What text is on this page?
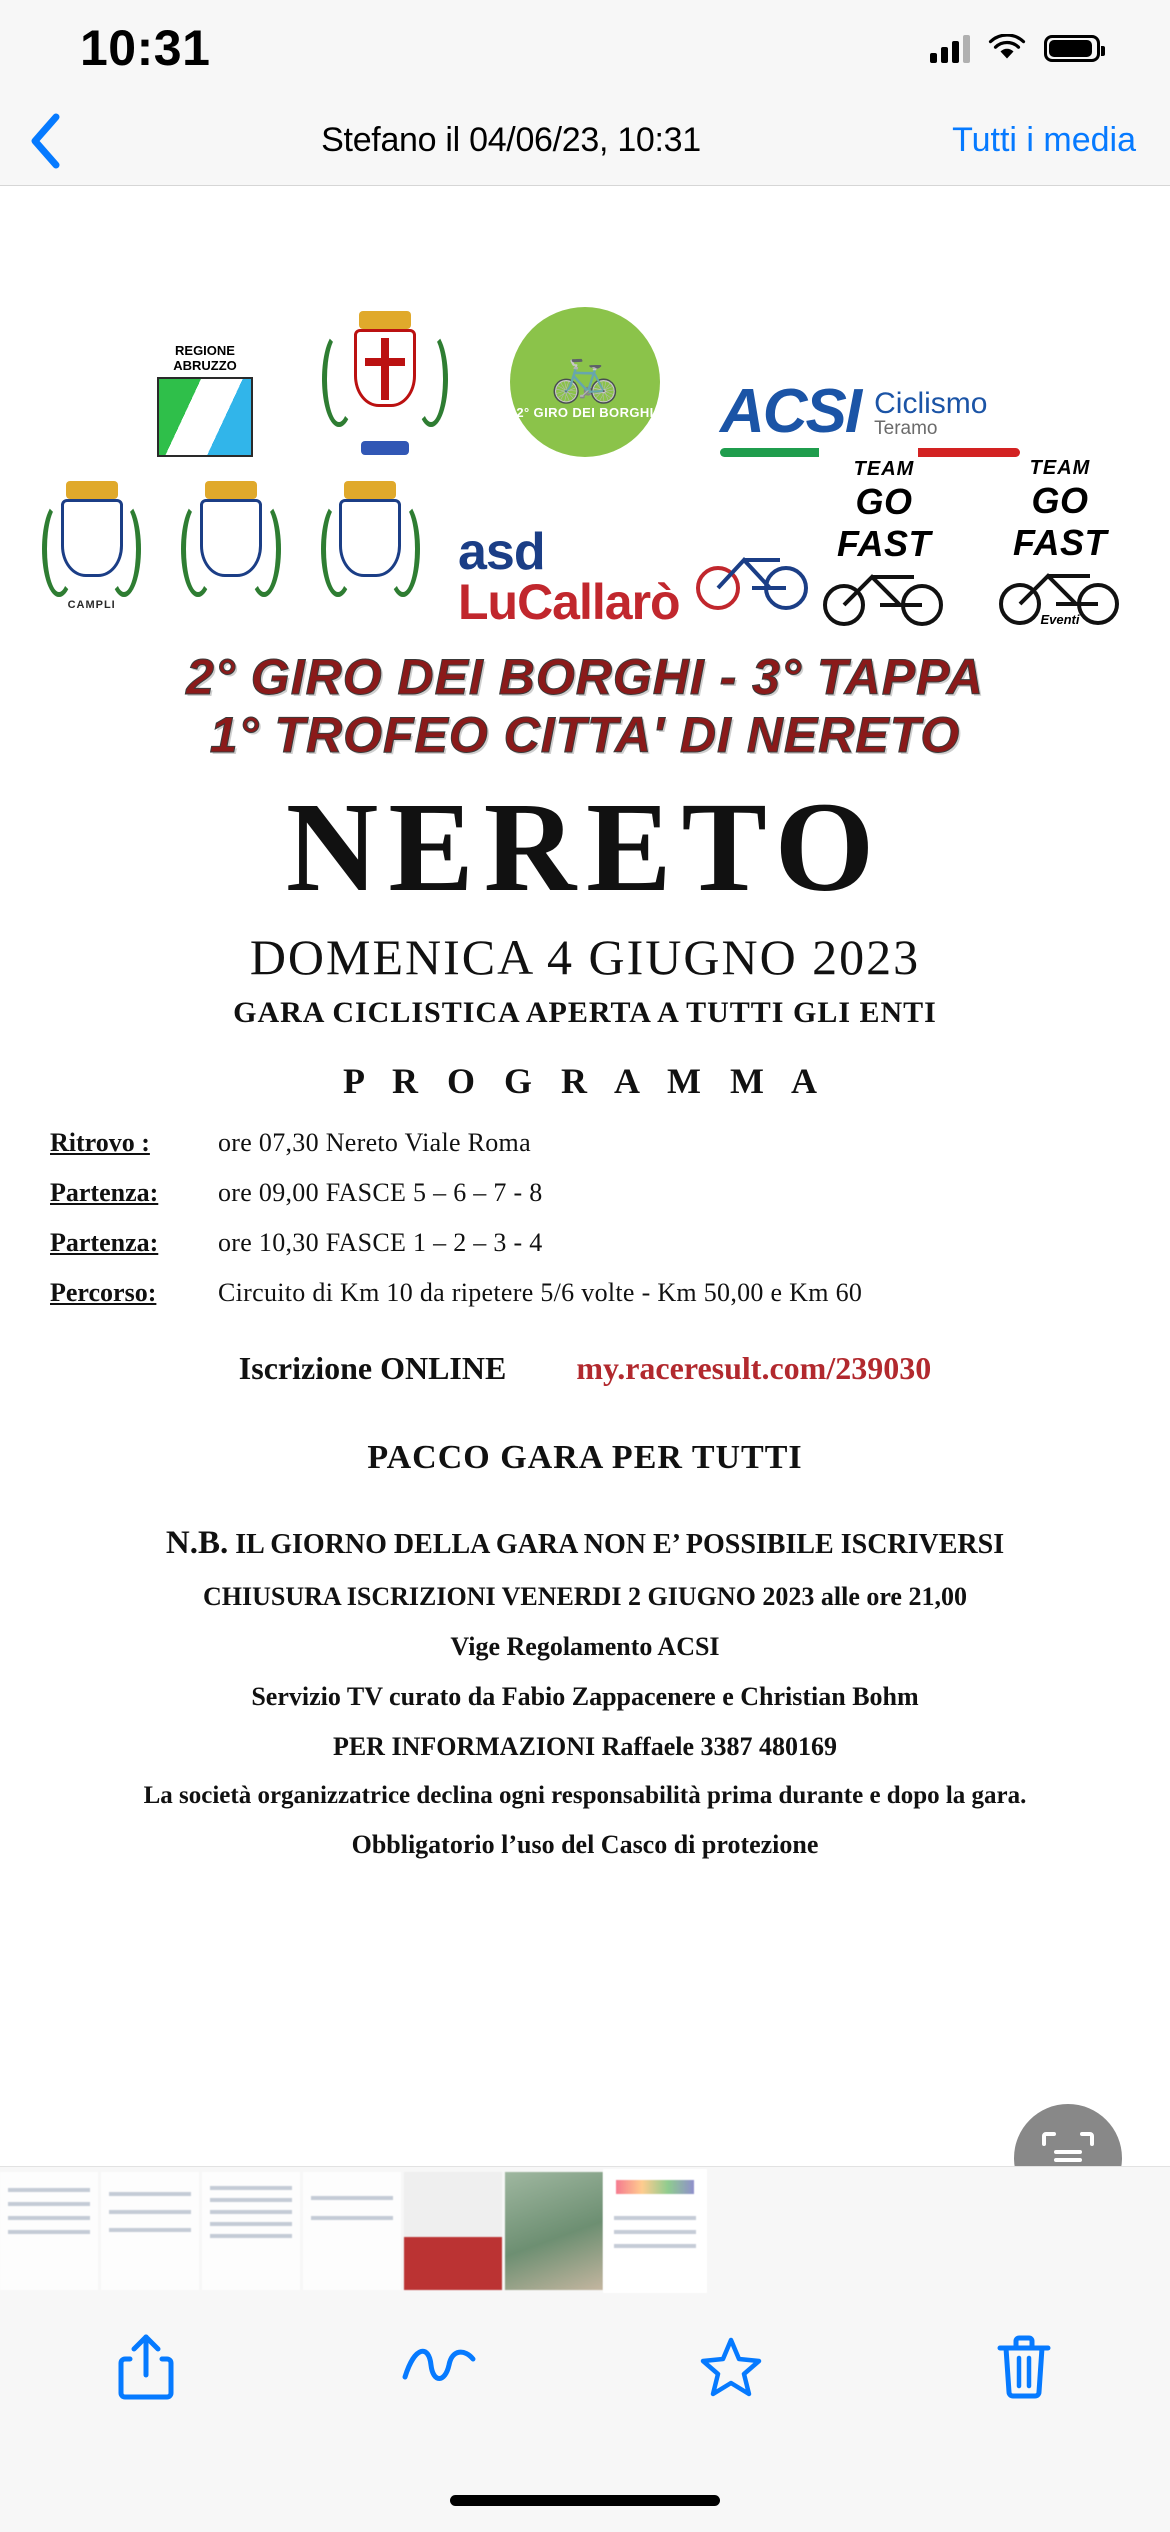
10:31
Stefano il 04/06/23, 10:31	Tutti i media
REGIONE
ABRUZZO	🚲
2° GIRO DEI BORGHI ACSI Ciclismo
Teramo
CAMPLI
asd
LuCallarò
TEAM
GO FAST
TEAM
GO FAST
Eventi
2° GIRO DEI BORGHI - 3° TAPPA
1° TROFEO CITTA' DI NERETO
NERETO
DOMENICA 4 GIUGNO 2023
GARA CICLISTICA APERTA A TUTTI GLI ENTI
P R O G R A M M A
Ritrovo :	ore 07,30 Nereto Viale Roma
Partenza:	ore 09,00 FASCE 5 – 6 – 7 - 8
Partenza:	ore 10,30 FASCE 1 – 2 – 3 - 4
Percorso:	Circuito di Km 10 da ripetere 5/6 volte - Km 50,00 e Km 60
Iscrizione ONLINE my.raceresult.com/239030
PACCO GARA PER TUTTI

N.B. IL GIORNO DELLA GARA NON E’ POSSIBILE ISCRIVERSI

CHIUSURA ISCRIZIONI VENERDI 2 GIUGNO 2023 alle ore 21,00

Vige Regolamento ACSI

Servizio TV curato da Fabio Zappacenere e Christian Bohm

PER INFORMAZIONI Raffaele 3387 480169

La società organizzatrice declina ogni responsabilità prima durante e dopo la gara.

Obbligatorio l’uso del Casco di protezione
